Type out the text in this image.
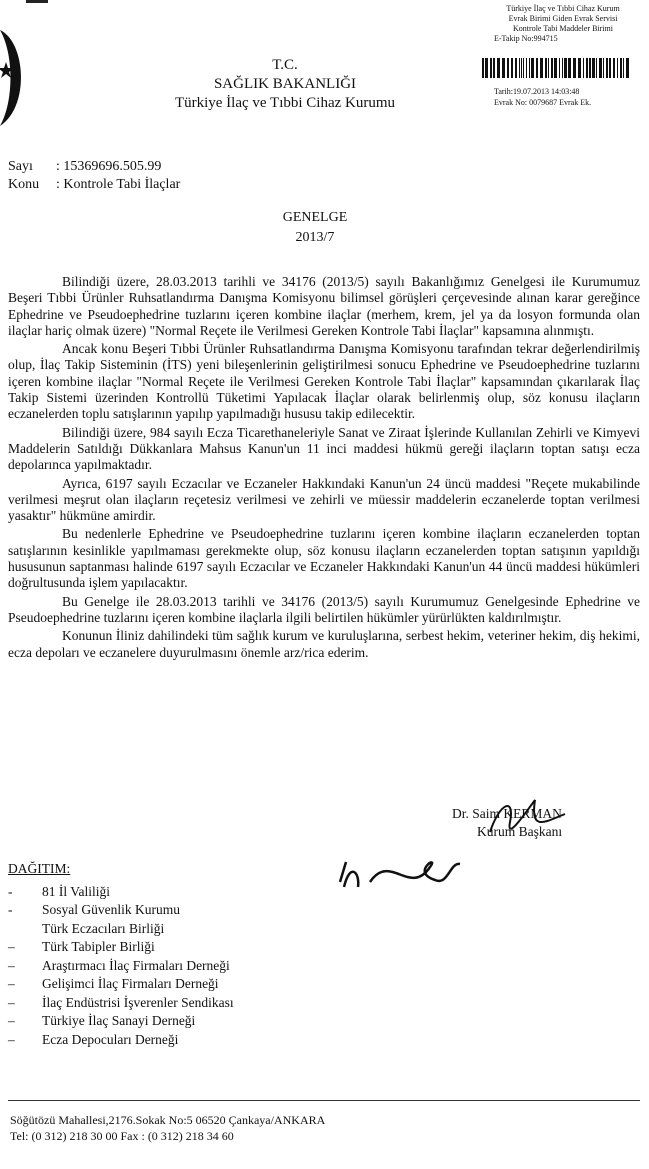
Türkiye İlaç ve Tıbbi Cihaz Kurum
Evrak Birimi Giden Evrak Servisi
Kontrole Tabi Maddeler Birimi
E-Takip No:994715
Tarih:19.07.2013 14:03:48
Evrak No: 0079687 Evrak Ek.
T.C.
SAĞLIK BAKANLIĞI
Türkiye İlaç ve Tıbbi Cihaz Kurumu
Sayı : 15369696.505.99
Konu : Kontrole Tabi İlaçlar
GENELGE
2013/7

Bilindiği üzere, 28.03.2013 tarihli ve 34176 (2013/5) sayılı Bakanlığımız Genelgesi ile Kurumumuz Beşeri Tıbbi Ürünler Ruhsatlandırma Danışma Komisyonu bilimsel görüşleri çerçevesinde alınan karar gereğince Ephedrine ve Pseudoephedrine tuzlarını içeren kombine ilaçlar (merhem, krem, jel ya da losyon formunda olan ilaçlar hariç olmak üzere) "Normal Reçete ile Verilmesi Gereken Kontrole Tabi İlaçlar" kapsamına alınmıştı.

Ancak konu Beşeri Tıbbi Ürünler Ruhsatlandırma Danışma Komisyonu tarafından tekrar değerlendirilmiş olup, İlaç Takip Sisteminin (İTS) yeni bileşenlerinin geliştirilmesi sonucu Ephedrine ve Pseudoephedrine tuzlarını içeren kombine ilaçlar "Normal Reçete ile Verilmesi Gereken Kontrole Tabi İlaçlar" kapsamından çıkarılarak İlaç Takip Sistemi üzerinden Kontrollü Tüketimi Yapılacak İlaçlar olarak belirlenmiş olup, söz konusu ilaçların eczanelerden toplu satışlarının yapılıp yapılmadığı hususu takip edilecektir.

Bilindiği üzere, 984 sayılı Eczа Ticarethaneleriyle Sanat ve Ziraat İşlerinde Kullanılan Zehirli ve Kimyevi Maddelerin Satıldığı Dükkanlara Mahsus Kanun'un 11 inci maddesi hükmü gereği ilaçların toptan satışı ecza depolarınca yapılmaktadır.

Ayrıca, 6197 sayılı Eczacılar ve Eczaneler Hakkındaki Kanun'un 24 üncü maddesi "Reçete mukabilinde verilmesi meşrut olan ilaçların reçetesiz verilmesi ve zehirli ve müessir maddelerin eczanelerde toptan verilmesi yasaktır" hükmüne amirdir.

Bu nedenlerle Ephedrine ve Pseudoephedrine tuzlarını içeren kombine ilaçların eczanelerden toptan satışlarının kesinlikle yapılmaması gerekmekte olup, söz konusu ilaçların eczanelerden toptan satışının yapıldığı hususunun saptanması halinde 6197 sayılı Eczacılar ve Eczaneler Hakkındaki Kanun'un 44 üncü maddesi hükümleri doğrultusunda işlem yapılacaktır.

Bu Genelge ile 28.03.2013 tarihli ve 34176 (2013/5) sayılı Kurumumuz Genelgesinde Ephedrine ve Pseudoephedrine tuzlarını içeren kombine ilaçlarla ilgili belirtilen hükümler yürürlükten kaldırılmıştır.

Konunun İliniz dahilindeki tüm sağlık kurum ve kuruluşlarına, serbest hekim, veteriner hekim, diş hekimi, ecza depoları ve eczanelere duyurulmasını önemle arz/rica ederim.

Dr. Saim KERMAN
Kurum Başkanı
DAĞITIM:
- 81 İl Valiliği
- Sosyal Güvenlik Kurumu
Türk Eczacıları Birliği
– Türk Tabipler Birliği
– Araştırmacı İlaç Firmaları Derneği
– Gelişimci İlaç Firmaları Derneği
– İlaç Endüstrisi İşverenler Sendikası
– Türkiye İlaç Sanayi Derneği
– Ecza Depocuları Derneği
Söğütözü Mahallesi,2176.Sokak No:5 06520 Çankaya/ANKARA
Tel: (0 312) 218 30 00 Fax : (0 312) 218 34 60
